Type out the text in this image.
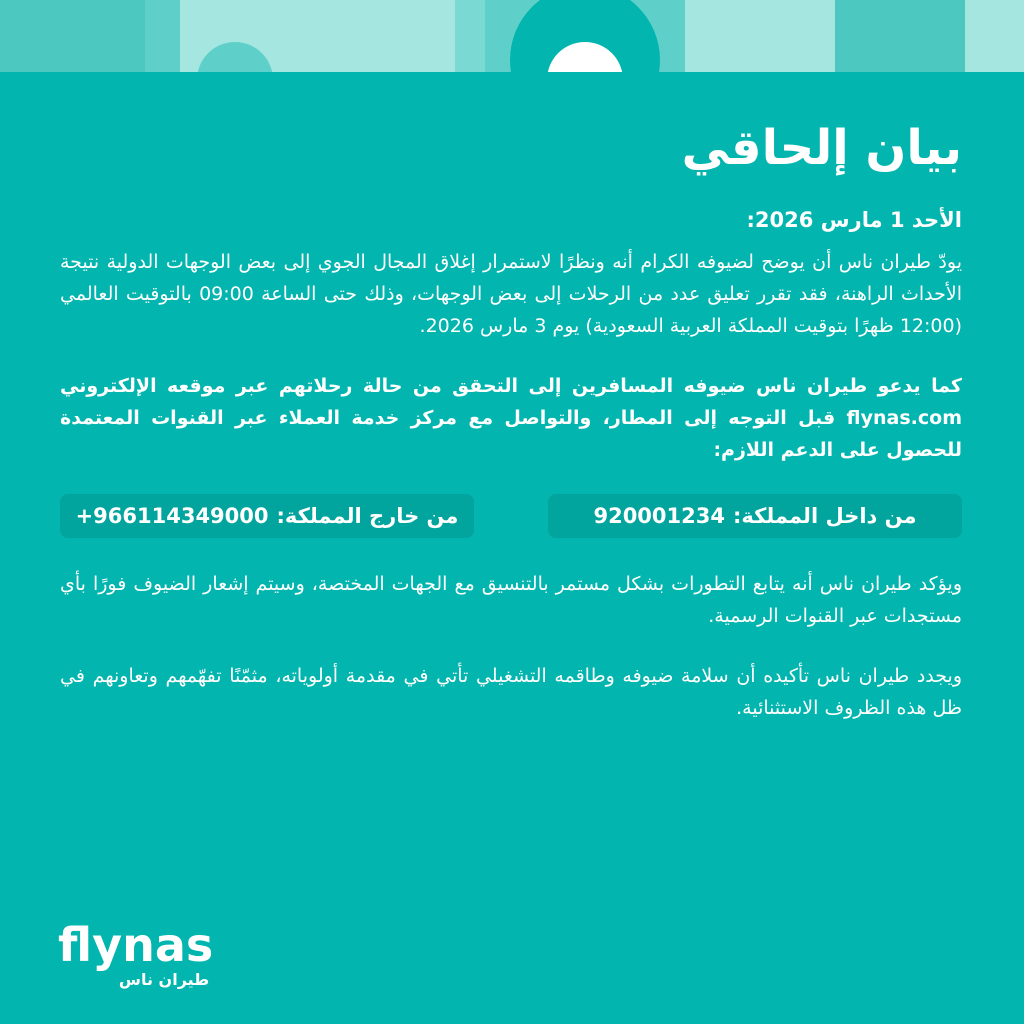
بيان إلحاقي

الأحد 1 مارس 2026:

يودّ طيران ناس أن يوضح لضيوفه الكرام أنه ونظرًا لاستمرار إغلاق المجال الجوي إلى بعض الوجهات الدولية نتيجة الأحداث الراهنة، فقد تقرر تعليق عدد من الرحلات إلى بعض الوجهات، وذلك حتى الساعة 09:00 بالتوقيت العالمي (12:00 ظهرًا بتوقيت المملكة العربية السعودية) يوم 3 مارس 2026.

كما يدعو طيران ناس ضيوفه المسافرين إلى التحقق من حالة رحلاتهم عبر موقعه الإلكتروني flynas.com قبل التوجه إلى المطار، والتواصل مع مركز خدمة العملاء عبر القنوات المعتمدة للحصول على الدعم اللازم:

من داخل المملكة:
920001234
من خارج المملكة:
+966114349000

ويؤكد طيران ناس أنه يتابع التطورات بشكل مستمر بالتنسيق مع الجهات المختصة، وسيتم إشعار الضيوف فورًا بأي مستجدات عبر القنوات الرسمية.

ويجدد طيران ناس تأكيده أن سلامة ضيوفه وطاقمه التشغيلي تأتي في مقدمة أولوياته، مثمّنًا تفهّمهم وتعاونهم في ظل هذه الظروف الاستثنائية.

flynas
طيران ناس
